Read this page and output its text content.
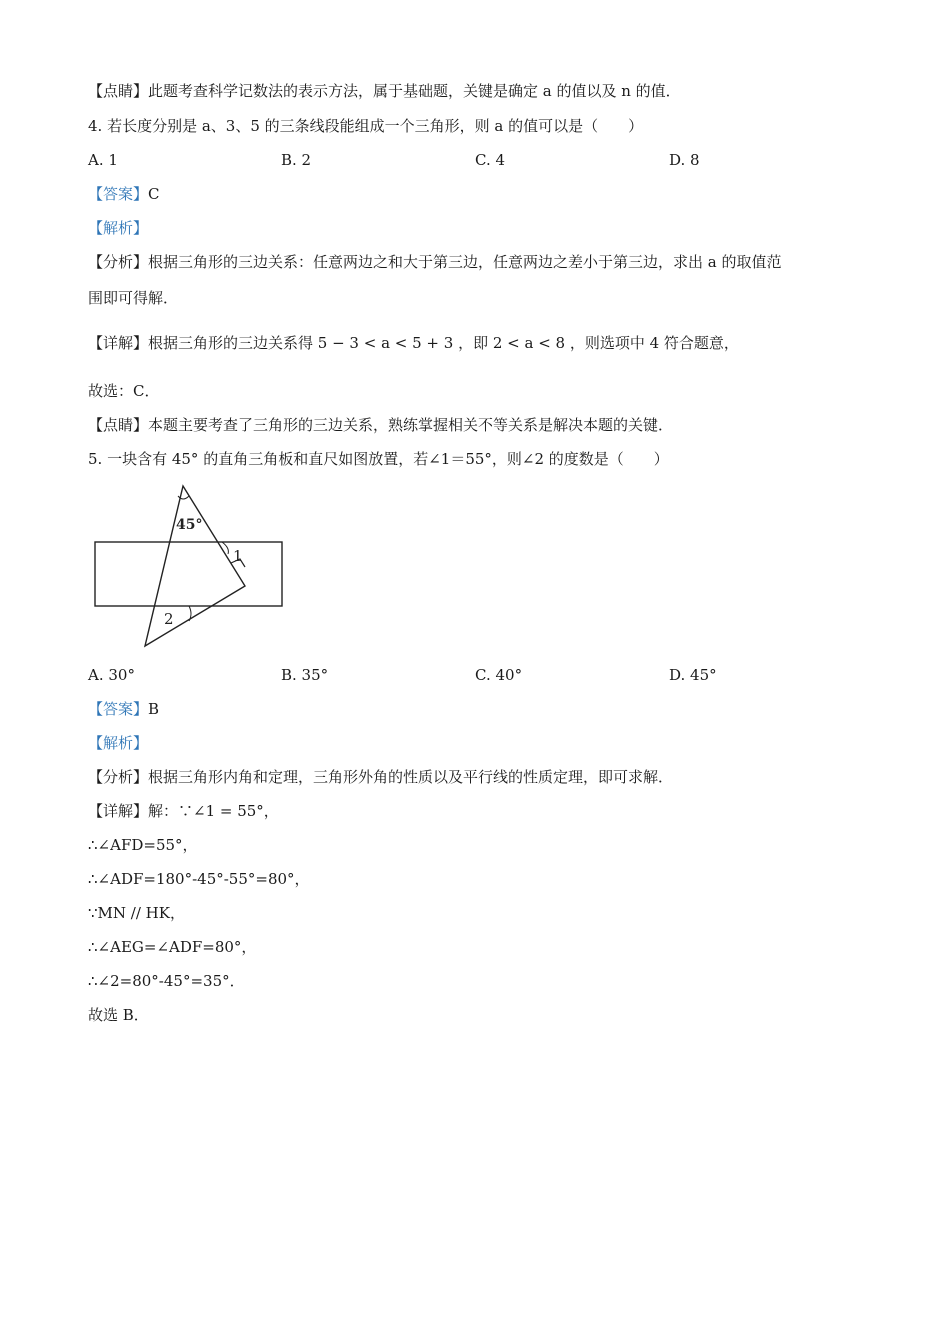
【点睛】此题考查科学记数法的表示方法，属于基础题，关键是确定 a 的值以及 n 的值．
4. 若长度分别是 a、3、5 的三条线段能组成一个三角形，则 a 的值可以是（　　）
A. 1	B. 2	C. 4	D. 8
【答案】C
【解析】
【分析】根据三角形的三边关系：任意两边之和大于第三边，任意两边之差小于第三边，求出 a 的取值范
围即可得解．
【详解】根据三角形的三边关系得 5 − 3 < a < 5 + 3 ，即 2 < a < 8 ，则选项中 4 符合题意，
故选：C．
【点睛】本题主要考查了三角形的三边关系，熟练掌握相关不等关系是解决本题的关键．
5. 一块含有 45° 的直角三角板和直尺如图放置，若∠1＝55°，则∠2 的度数是（　　）
45°
1
2
A. 30°	B. 35°	C. 40°	D. 45°
【答案】B
【解析】
【分析】根据三角形内角和定理，三角形外角的性质以及平行线的性质定理，即可求解．
【详解】解：∵∠1 = 55°，
∴∠AFD=55°，
∴∠ADF=180°-45°-55°=80°，
∵MN // HK，
∴∠AEG=∠ADF=80°，
∴∠2=80°-45°=35°．
故选 B．
